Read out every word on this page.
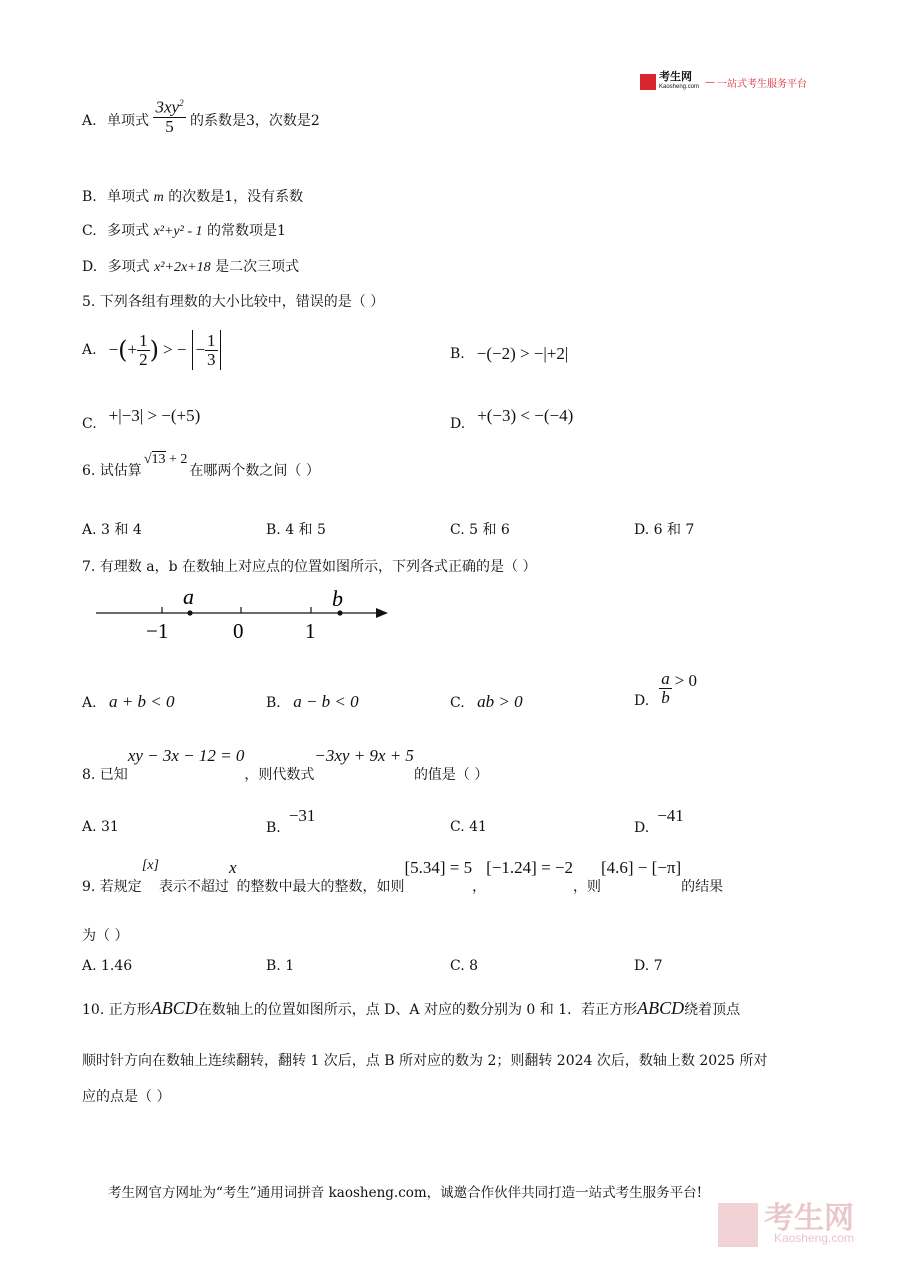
考生网
Kaosheng.com — 一站式考生服务平台
A. 单项式 $\frac{3xy^2}{5}$ 的系数是3，次数是2
B. 单项式 m 的次数是1，没有系数
C. 多项式 x²+y² - 1 的常数项是1
D. 多项式 x²+2x+18 是二次三项式
5. 下列各组有理数的大小比较中，错误的是（ ）
A. − ( + $\frac{1}{2}$ ) > − − $\frac{1}{3}$	B. −(−2) > −|+2|
C. +|−3| > −(+5)	D. +(−3) < −(−4)
6. 试估算
√13 + 2
在哪两个数之间（ ）
A. 3 和 4	B. 4 和 5	C. 5 和 6	D. 6 和 7
7. 有理数 a，b 在数轴上对应点的位置如图所示，下列各式正确的是（ ）
−1	0	1
a	b
A. a + b < 0	B. a − b < 0	C. ab > 0	D. $\frac{a}{b} > 0$
8. 已知
xy − 3x − 12 = 0
，则代数式
−3xy + 9x + 5
的值是（ ）
A. 31	B.
−31
C. 41	D.
−41
9. 若规定
[x]
表示不超过
x
的整数中最大的整数，如则
[5.34] = 5
，
[−1.24] = −2
，则
[4.6] − [−π]
的结果
为（ ）
A. 1.46	B. 1	C. 8	D. 7
10. 正方形 ABCD 在数轴上的位置如图所示，点 D、A 对应的数分别为 0 和 1．若正方形 ABCD 绕着顶点
顺时针方向在数轴上连续翻转，翻转 1 次后，点 B 所对应的数为 2；则翻转 2024 次后，数轴上数 2025 所对
应的点是（ ）
考生网官方网址为“考生”通用词拼音 kaosheng.com，诚邀合作伙伴共同打造一站式考生服务平台!
考生网
Kaosheng.com
